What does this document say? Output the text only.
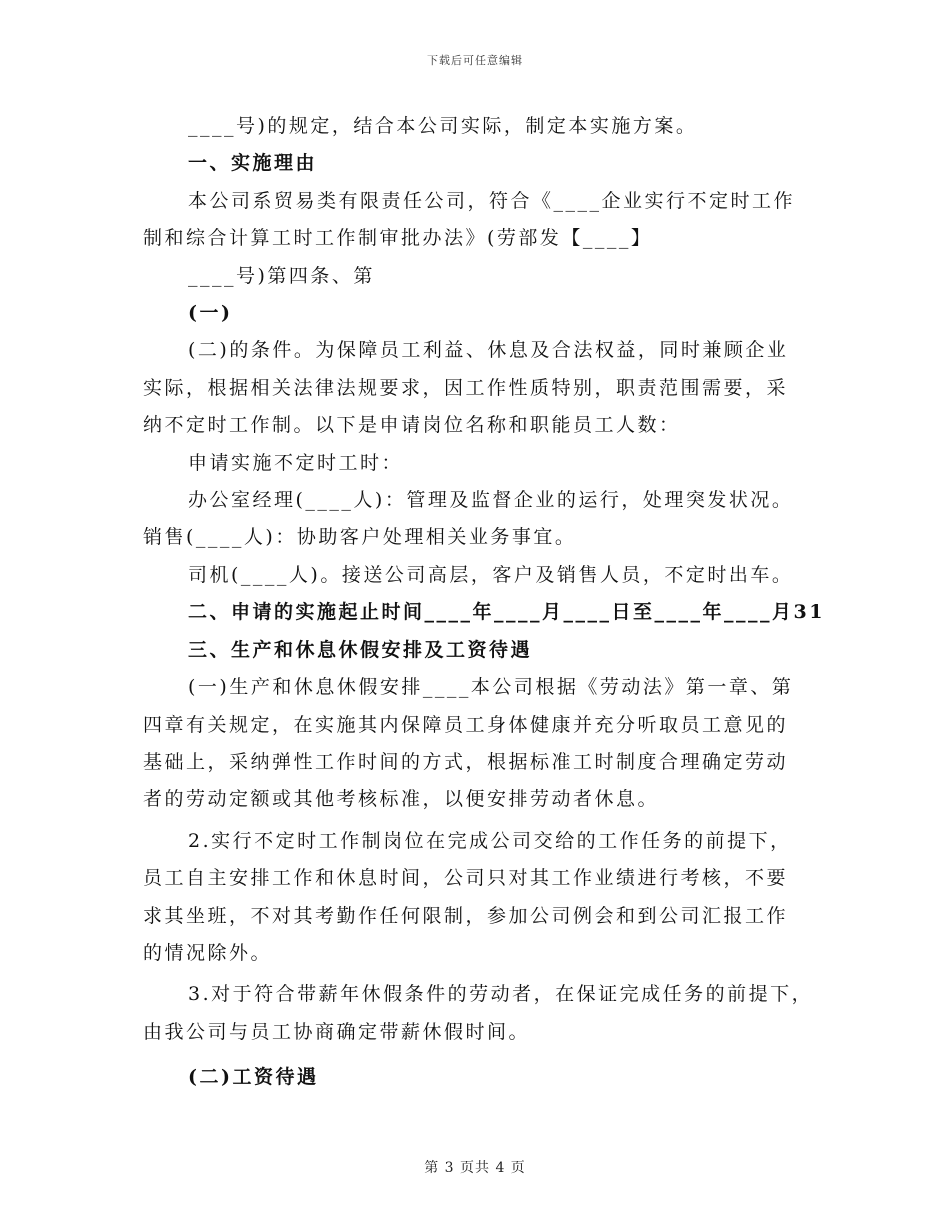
下载后可任意编辑

____号)的规定，结合本公司实际，制定本实施方案。

一、实施理由

本公司系贸易类有限责任公司，符合《____企业实行不定时工作

制和综合计算工时工作制审批办法》(劳部发【____】

____号)第四条、第

(一)

(二)的条件。为保障员工利益、休息及合法权益，同时兼顾企业

实际，根据相关法律法规要求，因工作性质特别，职责范围需要，采

纳不定时工作制。以下是申请岗位名称和职能员工人数：

申请实施不定时工时：

办公室经理(____人)：管理及监督企业的运行，处理突发状况。

销售(____人)：协助客户处理相关业务事宜。

司机(____人)。接送公司高层，客户及销售人员，不定时出车。

二、申请的实施起止时间____年____月____日至____年____月31

三、生产和休息休假安排及工资待遇

(一)生产和休息休假安排____本公司根据《劳动法》第一章、第

四章有关规定，在实施其内保障员工身体健康并充分听取员工意见的

基础上，采纳弹性工作时间的方式，根据标准工时制度合理确定劳动

者的劳动定额或其他考核标准，以便安排劳动者休息。

2.实行不定时工作制岗位在完成公司交给的工作任务的前提下，

员工自主安排工作和休息时间，公司只对其工作业绩进行考核，不要

求其坐班，不对其考勤作任何限制，参加公司例会和到公司汇报工作

的情况除外。

3.对于符合带薪年休假条件的劳动者，在保证完成任务的前提下，

由我公司与员工协商确定带薪休假时间。

(二)工资待遇

第 3 页共 4 页
